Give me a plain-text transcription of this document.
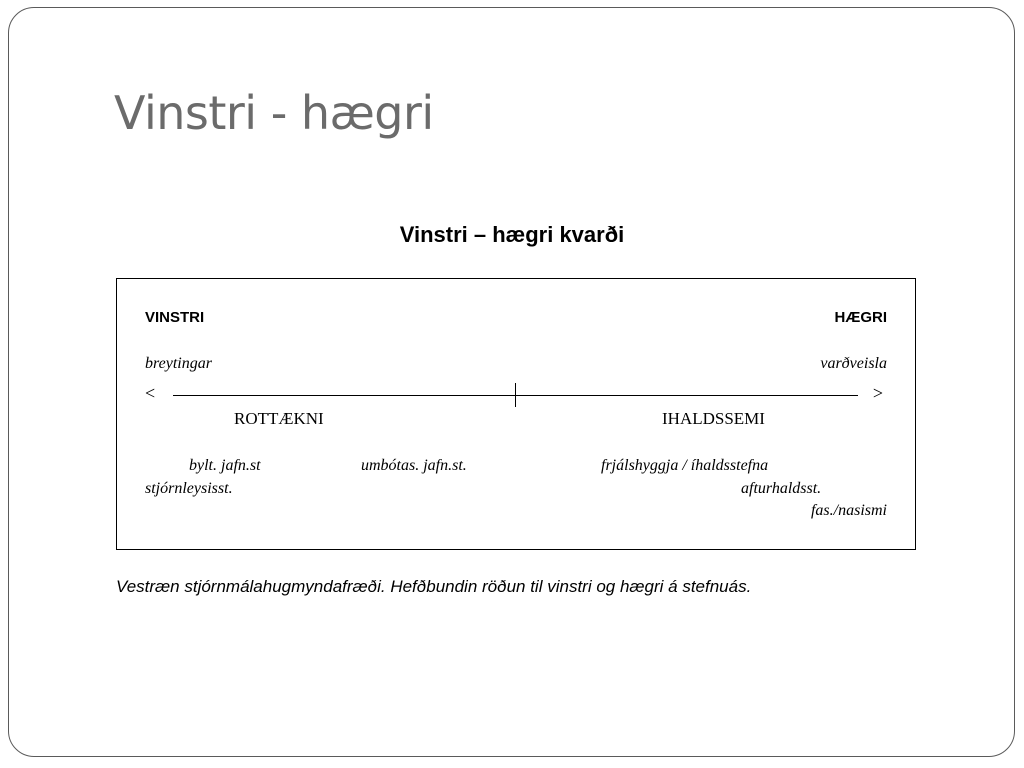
Vinstri - hægri
Vinstri – hægri kvarði
VINSTRI	HÆGRI
breytingar	varðveisla
<	>
ROTTÆKNI	IHALDSSEMI
bylt. jafn.st	umbótas. jafn.st.	frjálshyggja / íhaldsstefna
stjórnleysisst.	afturhaldsst.
fas./nasismi
Vestræn stjórnmálahugmyndafræði. Hefðbundin röðun til vinstri og hægri á stefnuás.
